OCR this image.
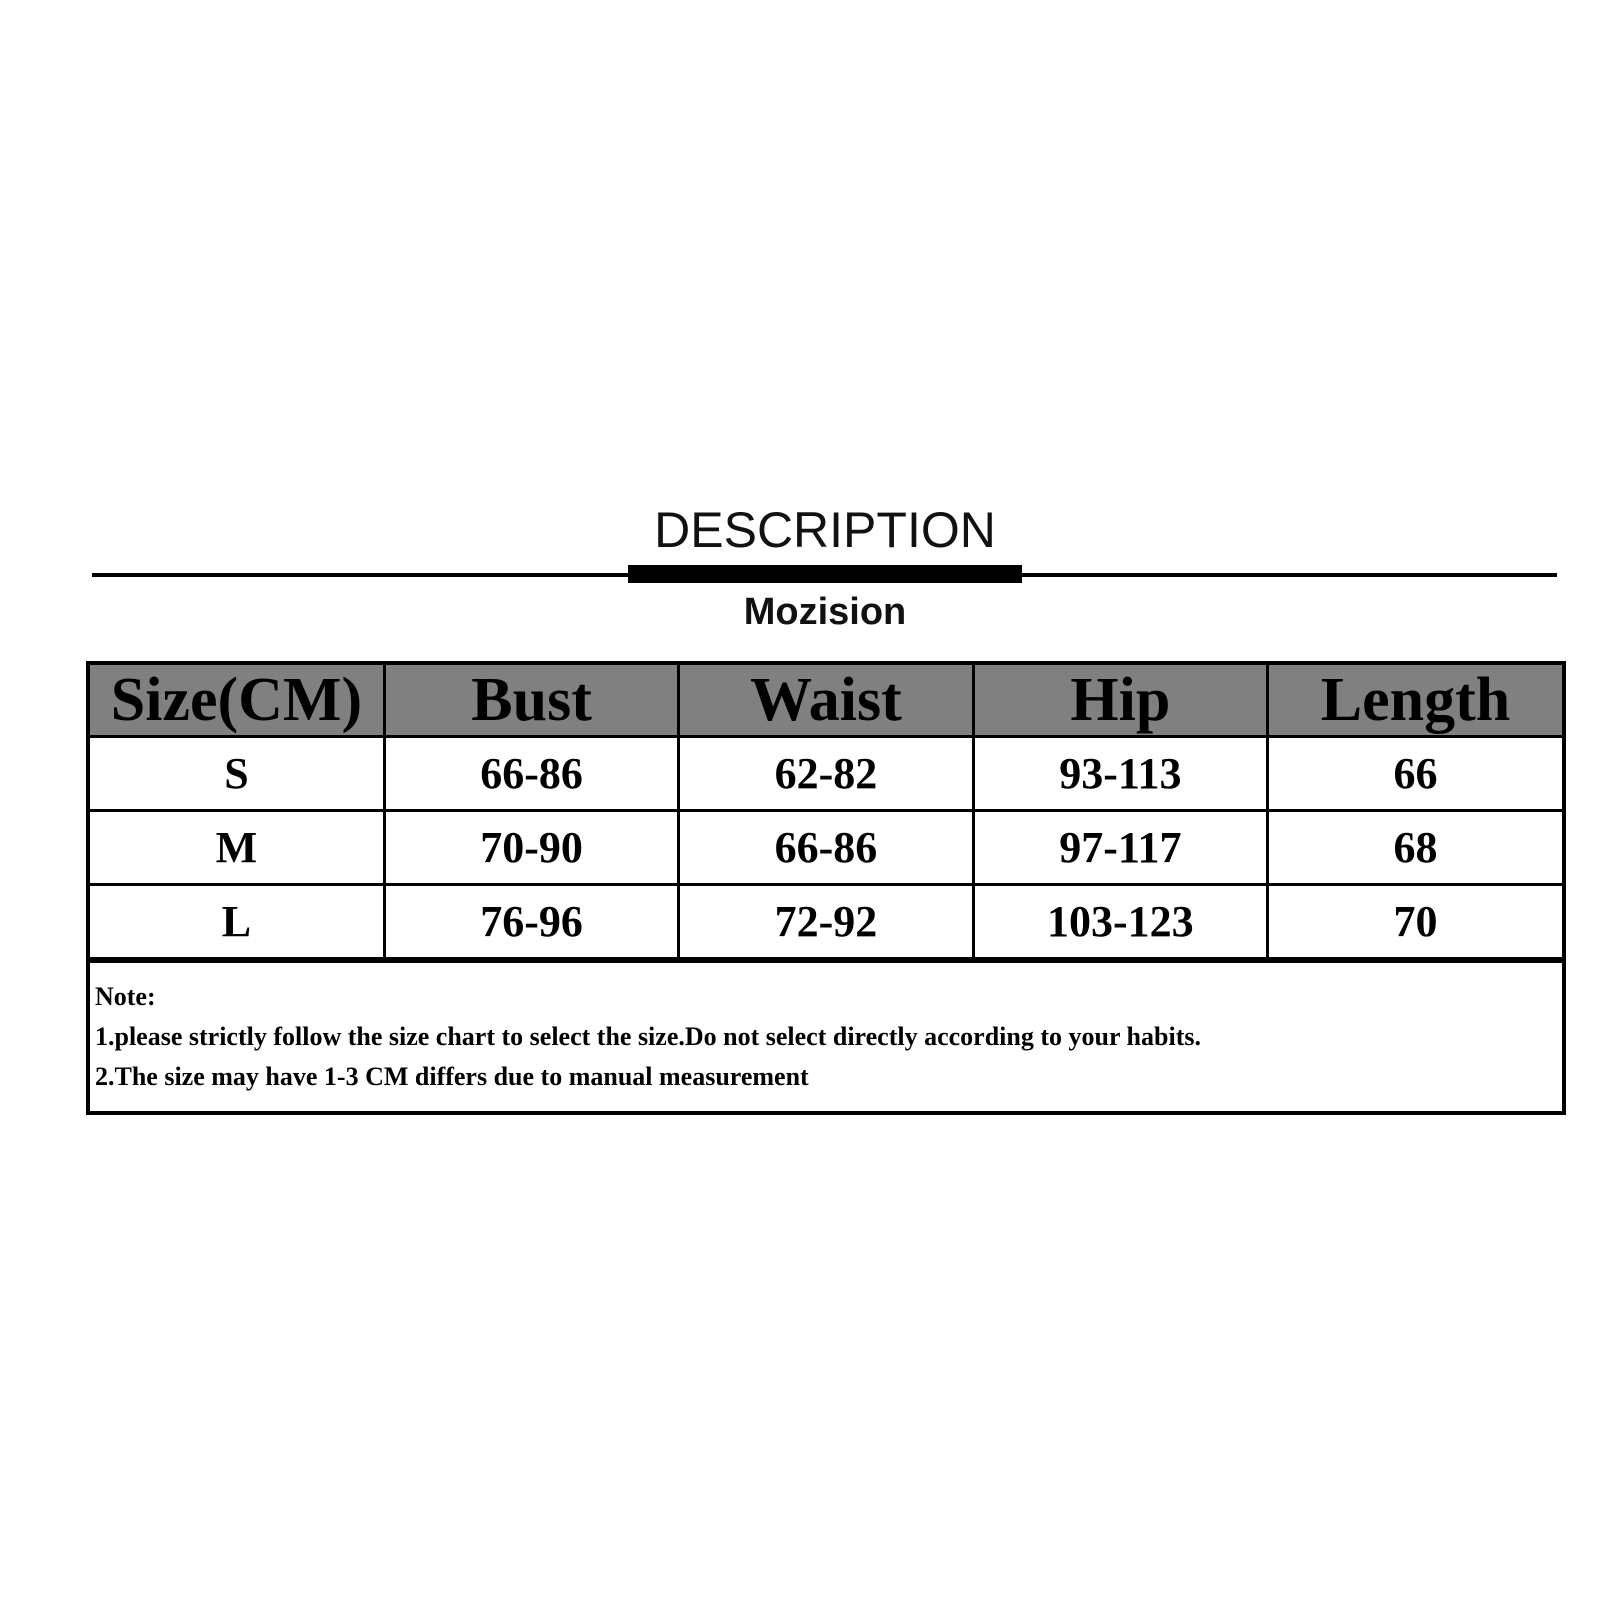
DESCRIPTION
Mozision
Size(CM)	Bust	Waist	Hip	Length
S	66-86	62-82	93-113	66
M	70-90	66-86	97-117	68
L	76-96	72-92	103-123	70
Note:
1.please strictly follow the size chart to select the size.Do not select directly according to your habits.
2.The size may have 1-3 CM differs due to manual measurement
